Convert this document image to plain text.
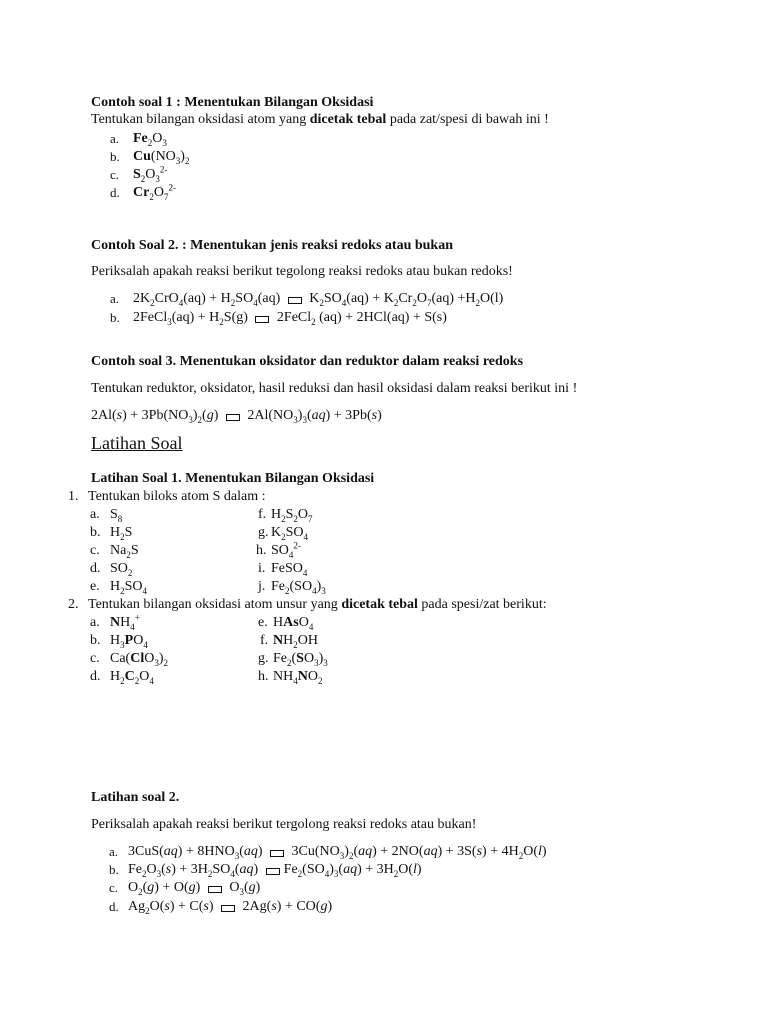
Contoh soal 1 : Menentukan Bilangan Oksidasi
Tentukan bilangan oksidasi atom yang dicetak tebal pada zat/spesi di bawah ini !
a. $Fe_2O_3$
b. $Cu(NO_3)_2$
c. $S_2O_3^{2-}$
d. $Cr_2O_7^{2-}$
Contoh Soal 2. : Menentukan jenis reaksi redoks atau bukan
Periksalah apakah reaksi berikut tegolong reaksi redoks atau bukan redoks!
a. $2K_2CrO_4(aq) + H_2SO_4(aq) K_2SO_4(aq) + K_2Cr_2O_7(aq) +H_2O(l)$
b. 2FeCl$_3$(aq) + $H_2S(g)$  2FeCl$_2$ (aq) + 2HCl(aq) + S(s)
Contoh soal 3. Menentukan oksidator dan reduktor dalam reaksi redoks
Tentukan reduktor, oksidator, hasil reduksi dan hasil oksidasi dalam reaksi berikut ini !
$2Al(s) + 3Pb(NO_3)_2(g) 2Al(NO_3)_3(aq) + 3Pb(s)$
Latihan Soal
Latihan Soal 1. Menentukan Bilangan Oksidasi
1. Tentukan biloks atom S dalam :
a. $S_8$
b. $H_2S$
c. $Na_2S$
d. $SO_2$
e. $H_2SO_4$
f. $H_2S_2O_7$
g. $K_2SO_4$
h. $SO_4^{2-}$
i. FeSO$_4$
j. $Fe_2(SO_4)_3$
2. Tentukan bilangan oksidasi atom unsur yang dicetak tebal pada spesi/zat berikut:
a. $NH_4^+$
b. $H_3PO_4$
c. $Ca(ClO_3)_2$
d. $H_2C_2O_4$
e. HAsO$_4$
f. $NH_2OH$
g. $Fe_2(SO_3)_3$
h. $NH_4NO_2$
Latihan soal 2.
Periksalah apakah reaksi berikut tergolong reaksi redoks atau bukan!
a. $3CuS(aq) + 8HNO_3(aq) 3Cu(NO_3)_2(aq) + 2NO(aq) + 3S(s) + 4H_2O(l)$
b. $Fe_2O_3(s) + 3H_2SO_4(aq) Fe_2(SO_4)_3(aq) + 3H_2O(l)$
c. $O_2(g) + O(g)$  $O_3(g)$
d. $Ag_2O(s) + C(s) 2Ag(s) + CO(g)$
